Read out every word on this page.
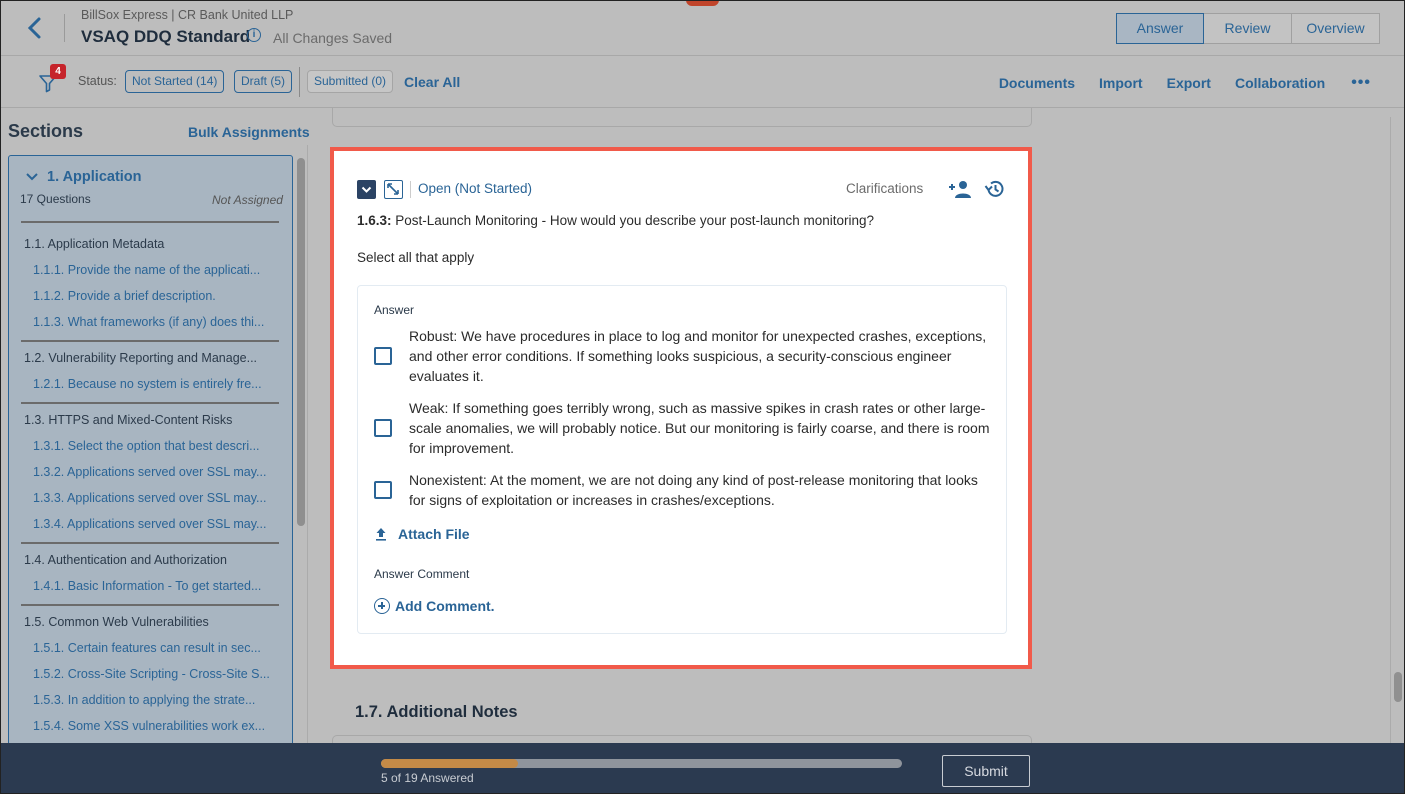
BillSox Express | CR Bank United LLP
VSAQ DDQ Standard i	All Changes Saved
Answer	Review	Overview
4
Status:	Not Started (14)	Draft (5)	Submitted (0)	Clear All	Documents Import Export Collaboration •••
Sections	Bulk Assignments
1. Application
17 Questions	Not Assigned
1.1. Application Metadata
1.1.1. Provide the name of the applicati...
1.1.2. Provide a brief description.
1.1.3. What frameworks (if any) does thi...
1.2. Vulnerability Reporting and Manage...
1.2.1. Because no system is entirely fre...
1.3. HTTPS and Mixed-Content Risks
1.3.1. Select the option that best descri...
1.3.2. Applications served over SSL may...
1.3.3. Applications served over SSL may...
1.3.4. Applications served over SSL may...
1.4. Authentication and Authorization
1.4.1. Basic Information - To get started...
1.5. Common Web Vulnerabilities
1.5.1. Certain features can result in sec...
1.5.2. Cross-Site Scripting - Cross-Site S...
1.5.3. In addition to applying the strate...
1.5.4. Some XSS vulnerabilities work ex...
Open (Not Started)	Clarifications
1.6.3: Post-Launch Monitoring - How would you describe your post-launch monitoring?
Select all that apply
Answer
Robust: We have procedures in place to log and monitor for unexpected crashes, exceptions, and other error conditions. If something looks suspicious, a security-conscious engineer evaluates it.
Weak: If something goes terribly wrong, such as massive spikes in crash rates or other large-scale anomalies, we will probably notice. But our monitoring is fairly coarse, and there is room for improvement.
Nonexistent: At the moment, we are not doing any kind of post-release monitoring that looks for signs of exploitation or increases in crashes/exceptions.
Attach File
Answer Comment
Add Comment.
1.7. Additional Notes
5 of 19 Answered	Submit
